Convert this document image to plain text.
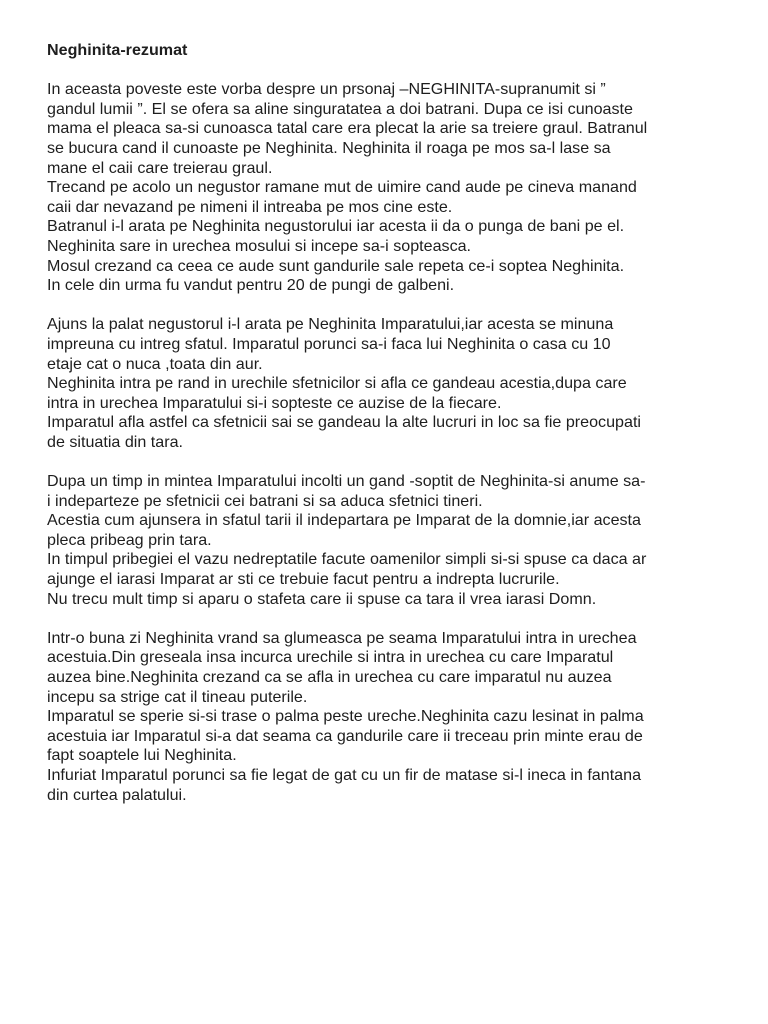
Neghinita-rezumat
In aceasta poveste este vorba despre un prsonaj –NEGHINITA-supranumit si ”
gandul lumii ”. El se ofera sa aline singuratatea a doi batrani. Dupa ce isi cunoaste
mama el pleaca sa-si cunoasca tatal care era plecat la arie sa treiere graul. Batranul
se bucura cand il cunoaste pe Neghinita. Neghinita il roaga pe mos sa-l lase sa
mane el caii care treierau graul.
Trecand pe acolo un negustor ramane mut de uimire cand aude pe cineva manand
caii dar nevazand pe nimeni il intreaba pe mos cine este.
Batranul i-l arata pe Neghinita negustorului iar acesta ii da o punga de bani pe el.
Neghinita sare in urechea mosului si incepe sa-i sopteasca.
Mosul crezand ca ceea ce aude sunt gandurile sale repeta ce-i soptea Neghinita.
In cele din urma fu vandut pentru 20 de pungi de galbeni.
Ajuns la palat negustorul i-l arata pe Neghinita Imparatului,iar acesta se minuna
impreuna cu intreg sfatul. Imparatul porunci sa-i faca lui Neghinita o casa cu 10
etaje cat o nuca ,toata din aur.
Neghinita intra pe rand in urechile sfetnicilor si afla ce gandeau acestia,dupa care
intra in urechea Imparatului si-i sopteste ce auzise de la fiecare.
Imparatul afla astfel ca sfetnicii sai se gandeau la alte lucruri in loc sa fie preocupati
de situatia din tara.
Dupa un timp in mintea Imparatului incolti un gand -soptit de Neghinita-si anume sa-
i indeparteze pe sfetnicii cei batrani si sa aduca sfetnici tineri.
Acestia cum ajunsera in sfatul tarii il indepartara pe Imparat de la domnie,iar acesta
pleca pribeag prin tara.
In timpul pribegiei el vazu nedreptatile facute oamenilor simpli si-si spuse ca daca ar
ajunge el iarasi Imparat ar sti ce trebuie facut pentru a indrepta lucrurile.
Nu trecu mult timp si aparu o stafeta care ii spuse ca tara il vrea iarasi Domn.
Intr-o buna zi Neghinita vrand sa glumeasca pe seama Imparatului intra in urechea
acestuia.Din greseala insa incurca urechile si intra in urechea cu care Imparatul
auzea bine.Neghinita crezand ca se afla in urechea cu care imparatul nu auzea
incepu sa strige cat il tineau puterile.
Imparatul se sperie si-si trase o palma peste ureche.Neghinita cazu lesinat in palma
acestuia iar Imparatul si-a dat seama ca gandurile care ii treceau prin minte erau de
fapt soaptele lui Neghinita.
Infuriat Imparatul porunci sa fie legat de gat cu un fir de matase si-l ineca in fantana
din curtea palatului.
